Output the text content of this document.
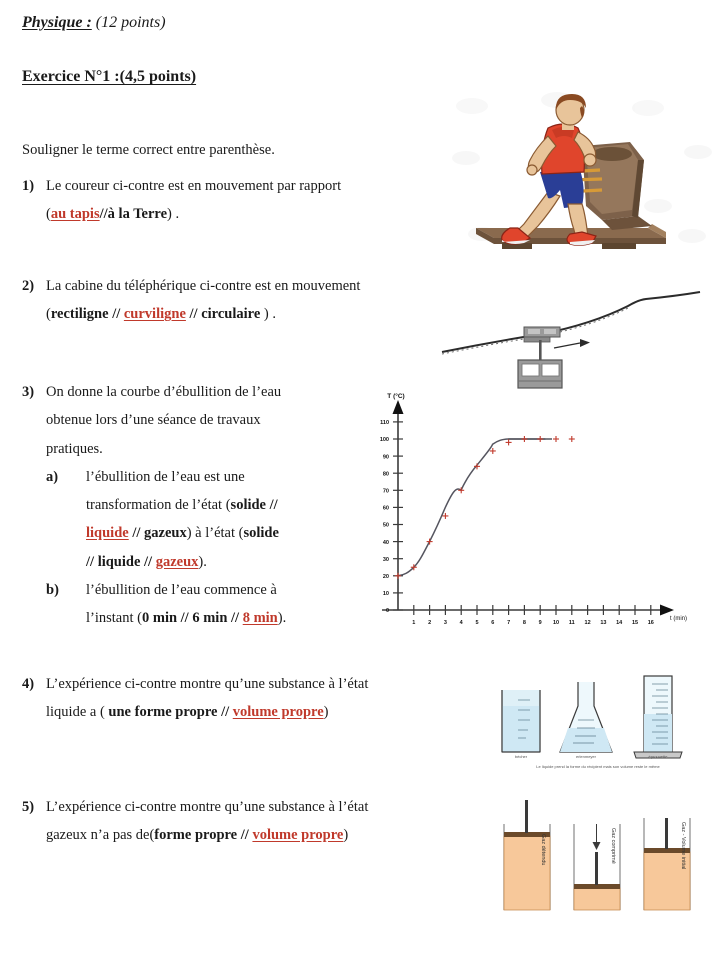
Physique : (12 points)
Exercice N°1 :(4,5 points)
Souligner le terme correct entre parenthèse.
1) Le coureur ci-contre est en mouvement par rapport
(au tapis//à la Terre) .
2) La cabine du téléphérique ci-contre est en mouvement
(rectiligne // curviligne // circulaire ) .
3) On donne la courbe d’ébullition de l’eau
obtenue lors d’une séance de travaux
pratiques.
a)	l’ébullition de l’eau est une
transformation de l’état (solide //
liquide // gazeux) à l’état (solide
// liquide // gazeux).
b)	l’ébullition de l’eau commence à
l’instant (0 min // 6 min // 8 min).
4) L’expérience ci-contre montre qu’une substance à l’état
liquide a ( une forme propre // volume propre)
5) L’expérience ci-contre montre qu’une substance à l’état
gazeux n’a pas de(forme propre // volume propre)
T (°C)
t (min)
0
10
20
30
40
50
60
70
80
90
100
110
1 2 3 4 5 6 7 8 9 10 11 12 13 14 15 16
bécher	erlenmeyer	éprouvette
Le liquide prend la forme du récipient mais son volume reste le même
Gaz détendu	Gaz comprimé	Gaz - Volume initial
